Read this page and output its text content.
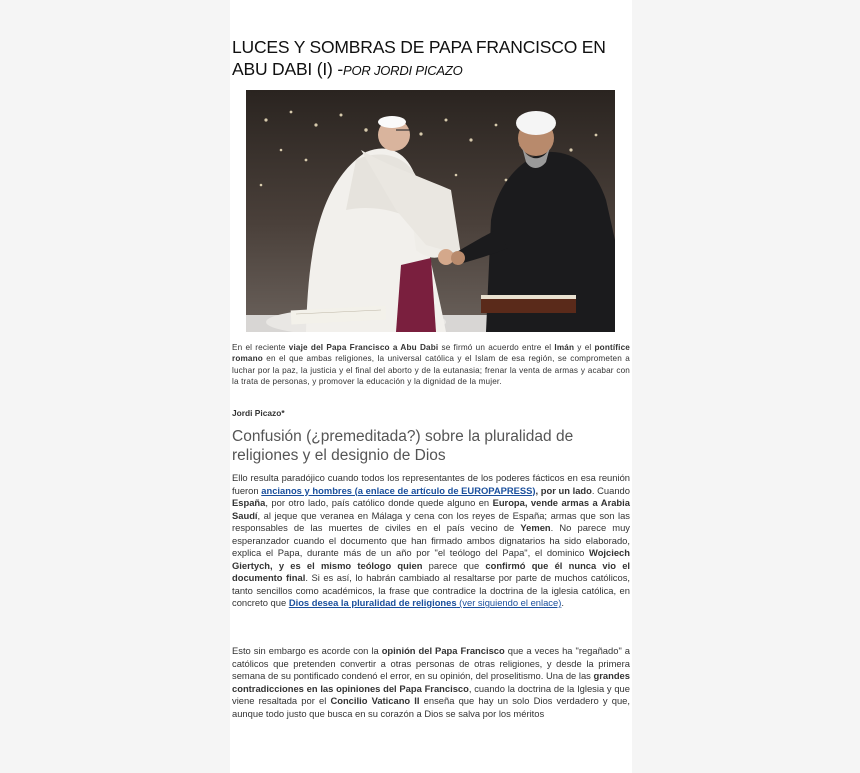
LUCES Y SOMBRAS DE PAPA FRANCISCO EN ABU DABI (I) -POR JORDI PICAZO
En el reciente viaje del Papa Francisco a Abu Dabi se firmó un acuerdo entre el Imán y el pontífice romano en el que ambas religiones, la universal católica y el Islam de esa región, se comprometen a luchar por la paz, la justicia y el final del aborto y de la eutanasia; frenar la venta de armas y acabar con la trata de personas, y promover la educación y la dignidad de la mujer.
Jordi Picazo*
Confusión (¿premeditada?) sobre la pluralidad de religiones y el designio de Dios
Ello resulta paradójico cuando todos los representantes de los poderes fácticos en esa reunión fueron ancianos y hombres (a enlace de artículo de EUROPAPRESS), por un lado. Cuando España, por otro lado, país católico donde quede alguno en Europa, vende armas a Arabia Saudí, al jeque que veranea en Málaga y cena con los reyes de España; armas que son las responsables de las muertes de civiles en el país vecino de Yemen. No parece muy esperanzador cuando el documento que han firmado ambos dignatarios ha sido elaborado, explica el Papa, durante más de un año por "el teólogo del Papa", el dominico Wojciech Giertych, y es el mismo teólogo quien parece que confirmó que él nunca vio el documento final. Si es así, lo habrán cambiado al resaltarse por parte de muchos católicos, tanto sencillos como académicos, la frase que contradice la doctrina de la iglesia católica, en concreto que Dios desea la pluralidad de religiones (ver siguiendo el enlace).
Esto sin embargo es acorde con la opinión del Papa Francisco que a veces ha "regañado" a católicos que pretenden convertir a otras personas de otras religiones, y desde la primera semana de su pontificado condenó el error, en su opinión, del proselitismo. Una de las grandes contradicciones en las opiniones del Papa Francisco, cuando la doctrina de la Iglesia y que viene resaltada por el Concilio Vaticano II enseña que hay un solo Dios verdadero y que, aunque todo justo que busca en su corazón a Dios se salva por los méritos
